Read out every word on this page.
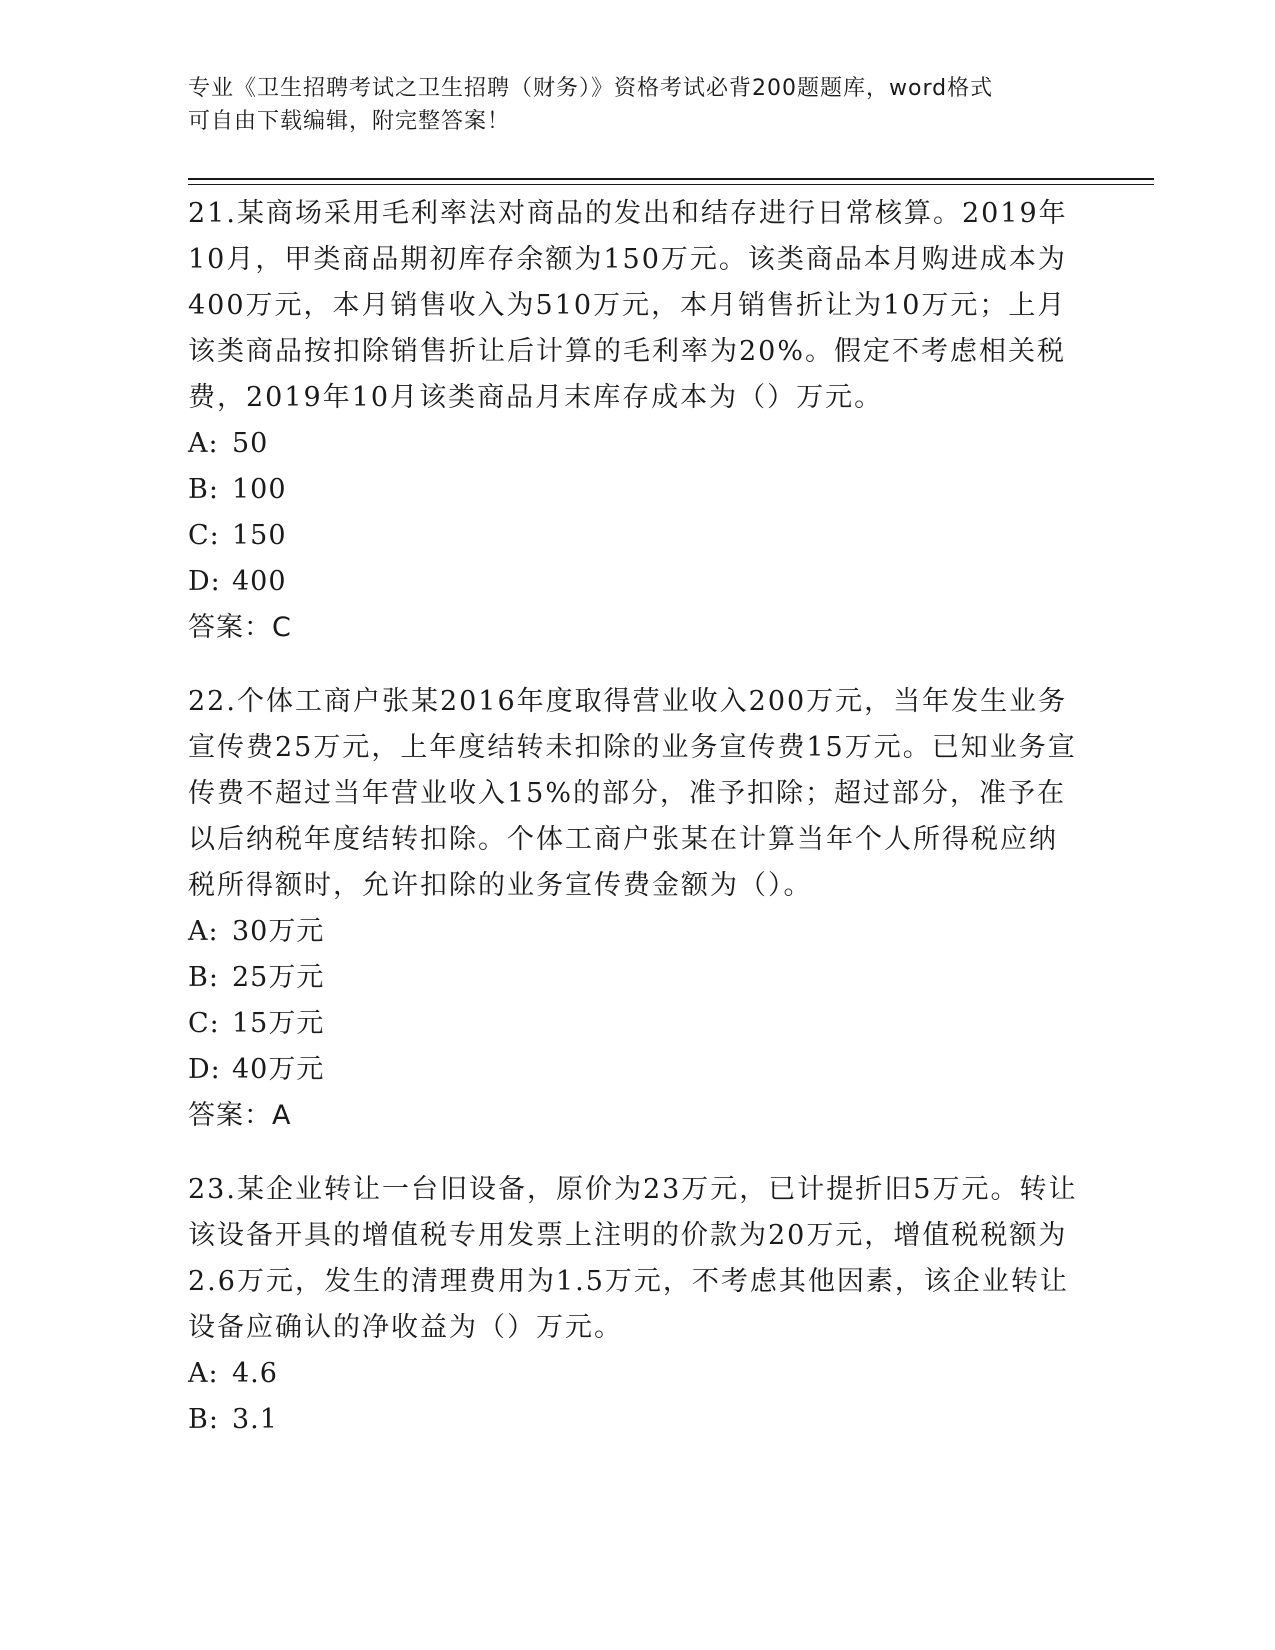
专业《卫生招聘考试之卫生招聘（财务）》资格考试必背200题题库，word格式
可自由下载编辑，附完整答案！

21.某商场采用毛利率法对商品的发出和结存进行日常核算。2019年10月，甲类商品期初库存余额为150万元。该类商品本月购进成本为400万元，本月销售收入为510万元，本月销售折让为10万元；上月该类商品按扣除销售折让后计算的毛利率为20%。假定不考虑相关税费，2019年10月该类商品月末库存成本为（）万元。

A: 50

B: 100

C: 150

D: 400

答案：C

22.个体工商户张某2016年度取得营业收入200万元，当年发生业务宣传费25万元，上年度结转未扣除的业务宣传费15万元。已知业务宣传费不超过当年营业收入15%的部分，准予扣除；超过部分，准予在以后纳税年度结转扣除。个体工商户张某在计算当年个人所得税应纳税所得额时，允许扣除的业务宣传费金额为（）。

A: 30万元

B: 25万元

C: 15万元

D: 40万元

答案：A

23.某企业转让一台旧设备，原价为23万元，已计提折旧5万元。转让该设备开具的增值税专用发票上注明的价款为20万元，增值税税额为2.6万元，发生的清理费用为1.5万元，不考虑其他因素，该企业转让设备应确认的净收益为（）万元。

A: 4.6

B: 3.1
